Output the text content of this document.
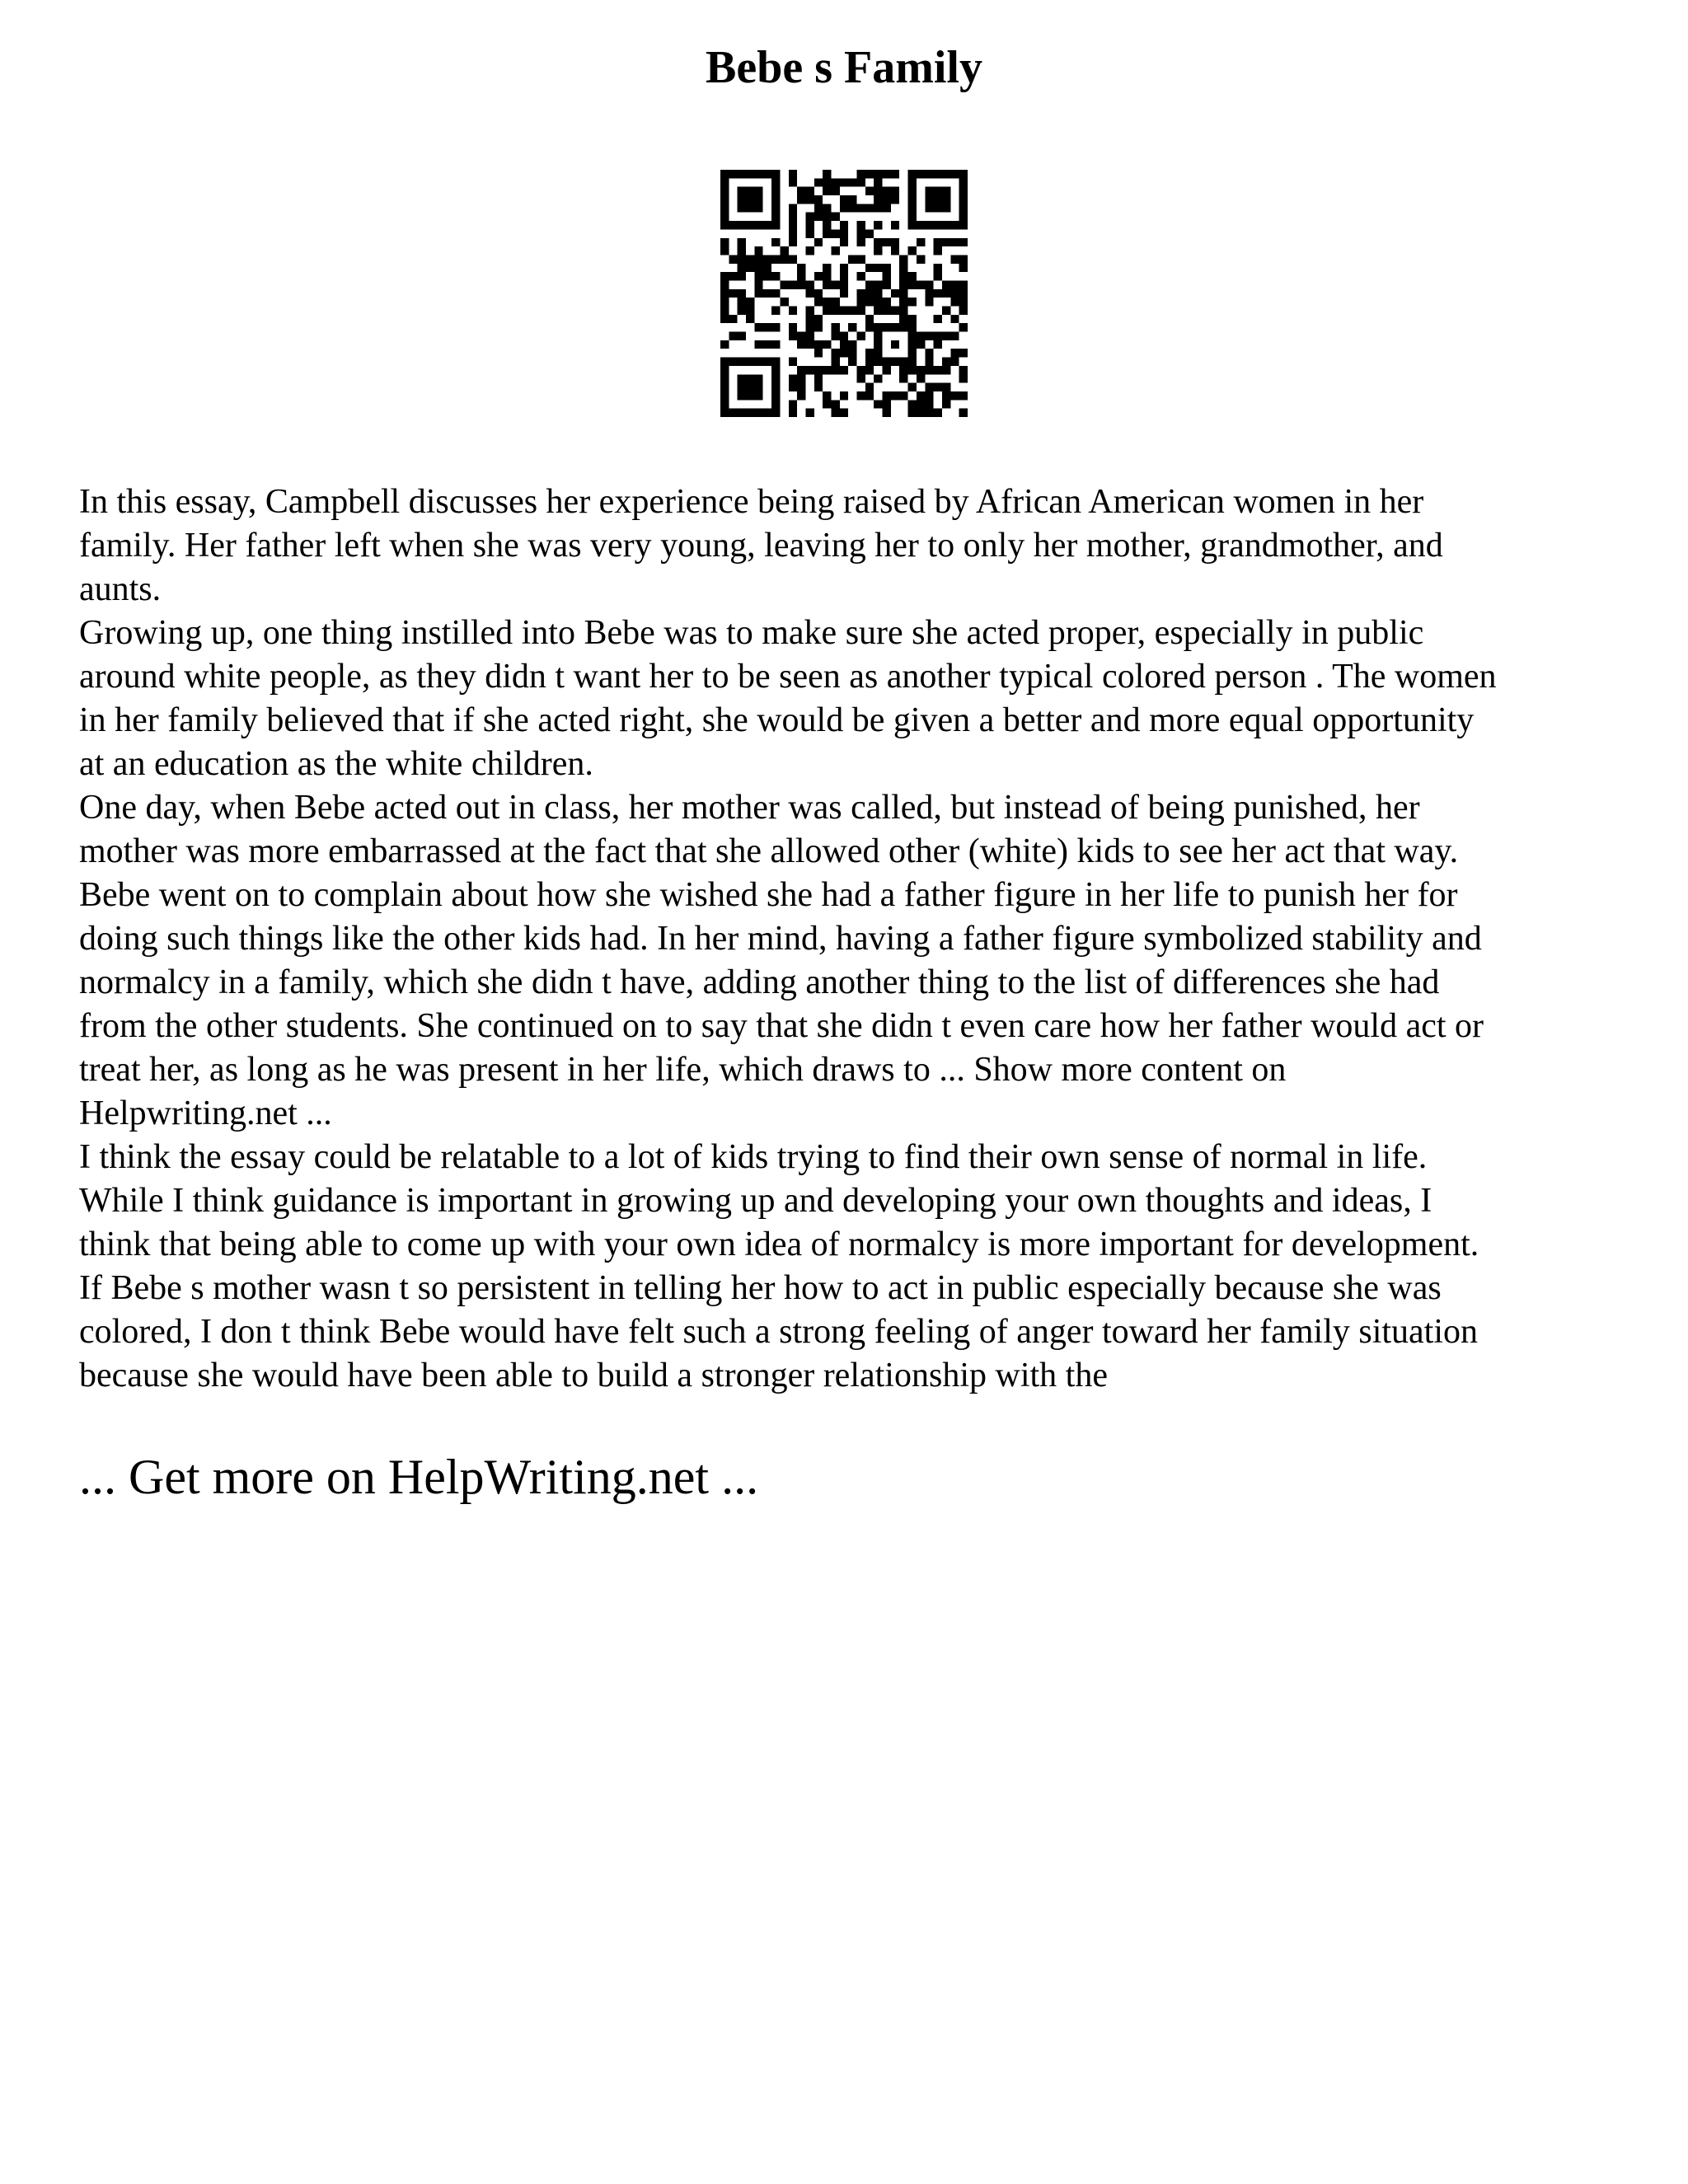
Bebe s Family

In this essay, Campbell discusses her experience being raised by African American women in her

family. Her father left when she was very young, leaving her to only her mother, grandmother, and

aunts.

Growing up, one thing instilled into Bebe was to make sure she acted proper, especially in public

around white people, as they didn t want her to be seen as another typical colored person . The women

in her family believed that if she acted right, she would be given a better and more equal opportunity

at an education as the white children.

One day, when Bebe acted out in class, her mother was called, but instead of being punished, her

mother was more embarrassed at the fact that she allowed other (white) kids to see her act that way.

Bebe went on to complain about how she wished she had a father figure in her life to punish her for

doing such things like the other kids had. In her mind, having a father figure symbolized stability and

normalcy in a family, which she didn t have, adding another thing to the list of differences she had

from the other students. She continued on to say that she didn t even care how her father would act or

treat her, as long as he was present in her life, which draws to ... Show more content on

Helpwriting.net ...

I think the essay could be relatable to a lot of kids trying to find their own sense of normal in life.

While I think guidance is important in growing up and developing your own thoughts and ideas, I

think that being able to come up with your own idea of normalcy is more important for development.

If Bebe s mother wasn t so persistent in telling her how to act in public especially because she was

colored, I don t think Bebe would have felt such a strong feeling of anger toward her family situation

because she would have been able to build a stronger relationship with the

... Get more on HelpWriting.net ...
